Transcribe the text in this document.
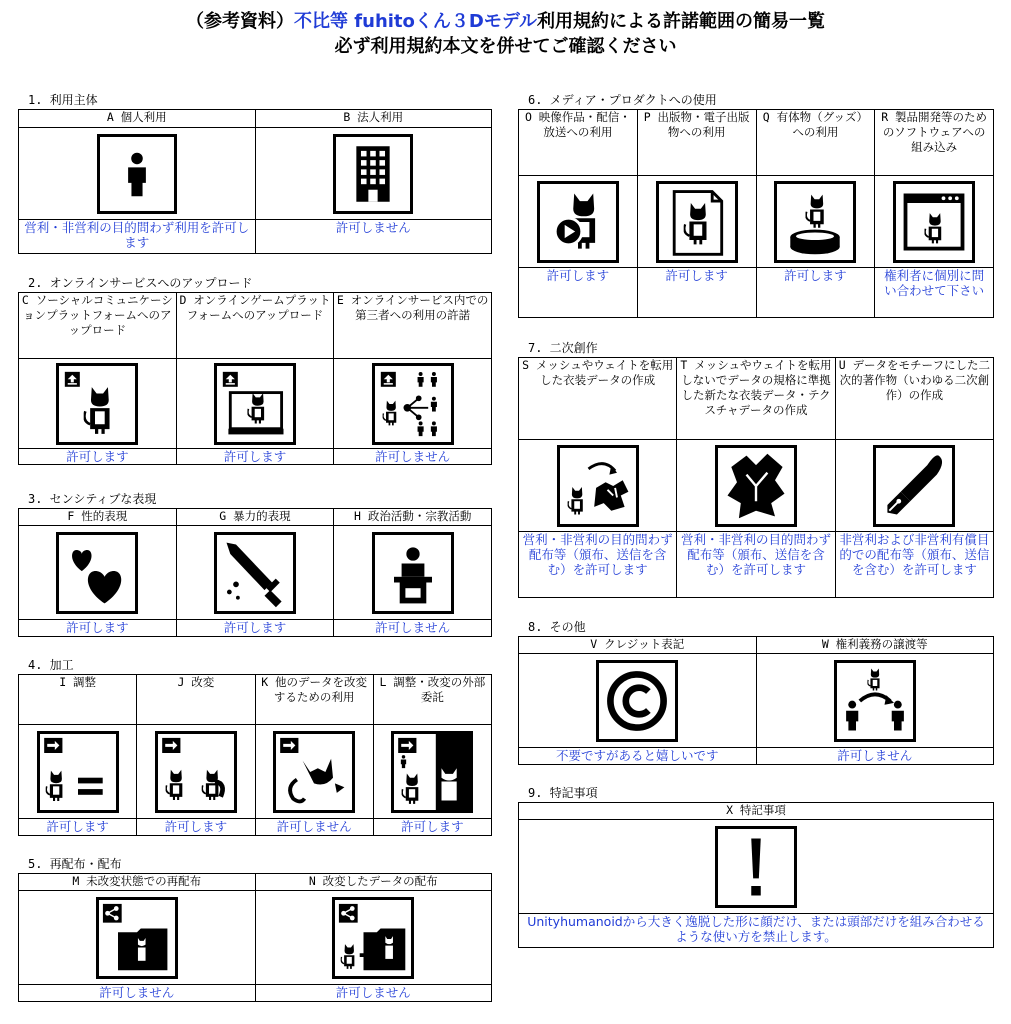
（参考資料）不比等 fuhitoくん３Dモデル利用規約による許諾範囲の簡易一覧
必ず利用規約本文を併せてご確認ください
1. 利用主体
A 個人利用	B 法人利用

営利・非営利の目的問わず利用を許可します	許可しません
2. オンラインサービスへのアップロード
C ソーシャルコミュニケーションプラットフォームへのアップロード	D オンラインゲームプラットフォームへのアップロード	E オンラインサービス内での第三者への利用の許諾

許可します	許可します	許可しません
3. センシティブな表現
F 性的表現	G 暴力的表現	H 政治活動・宗教活動

許可します	許可します	許可しません
4. 加工
I 調整	J 改変	K 他のデータを改変するための利用	L 調整・改変の外部委託

許可します	許可します	許可しません	許可します
5. 再配布・配布
M 未改変状態での再配布	N 改変したデータの配布

許可しません	許可しません
6. メディア・プロダクトへの使用
O 映像作品・配信・放送への利用	P 出版物・電子出版物への利用	Q 有体物（グッズ）への利用	R 製品開発等のためのソフトウェアへの組み込み

許可します	許可します	許可します	権利者に個別に問い合わせて下さい
7. 二次創作
S メッシュやウェイトを転用した衣装データの作成	T メッシュやウェイトを転用しないでデータの規格に準拠した新たな衣装データ・テクスチャデータの作成	U データをモチーフにした二次的著作物（いわゆる二次創作）の作成

営利・非営利の目的問わず配布等（頒布、送信を含む）を許可します	営利・非営利の目的問わず配布等（頒布、送信を含む）を許可します	非営利および非営利有償目的での配布等（頒布、送信を含む）を許可します
8. その他
V クレジット表記	W 権利義務の譲渡等

不要ですがあると嬉しいです	許可しません
9. 特記事項
X 特記事項

Unityhumanoidから大きく逸脱した形に顔だけ、または頭部だけを組み合わせるような使い方を禁止します。
